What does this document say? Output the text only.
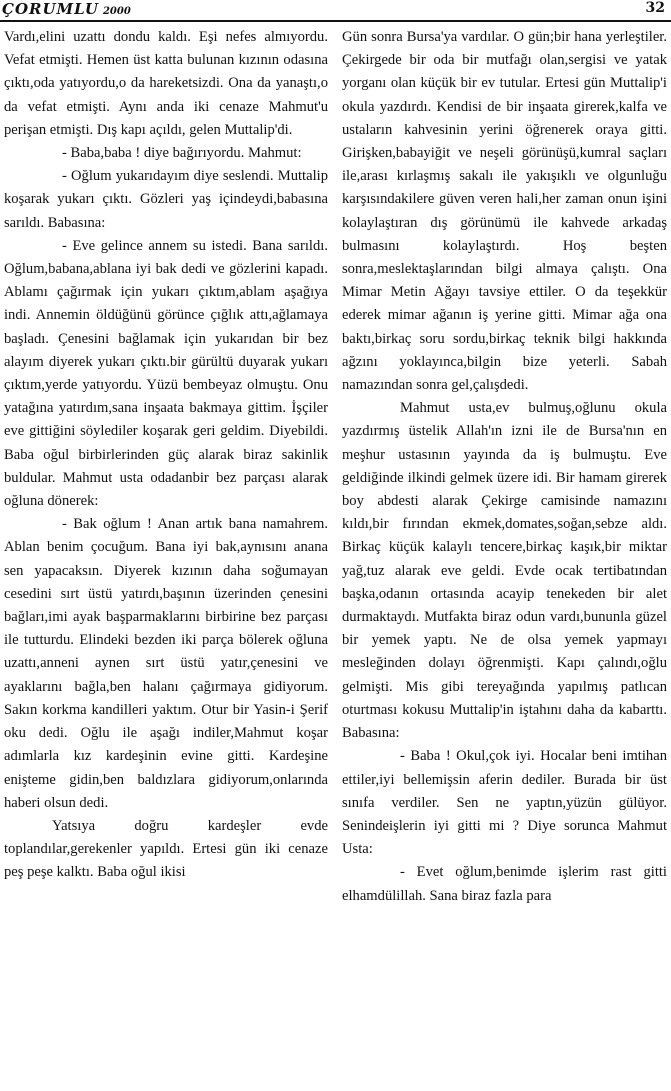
ÇORUMLU 2000	32

Vardı,elini uzattı dondu kaldı. Eşi nefes almıyordu. Vefat etmişti. Hemen üst katta bulunan kızının odasına çıktı,oda yatıyordu,o da hareketsizdi. Ona da yanaştı,o da vefat etmişti. Aynı anda iki cenaze Mahmut'u perişan etmişti. Dış kapı açıldı, gelen Muttalip'di.

- Baba,baba ! diye bağırıyordu. Mahmut:

- Oğlum yukarıdayım diye seslendi. Muttalip koşarak yukarı çıktı. Gözleri yaş içindeydi,babasına sarıldı. Babasına:

- Eve gelince annem su istedi. Bana sarıldı. Oğlum,babana,ablana iyi bak dedi ve gözlerini kapadı. Ablamı çağırmak için yukarı çıktım,ablam aşağıya indi. Annemin öldüğünü görünce çığlık attı,ağlamaya başladı. Çenesini bağlamak için yukarıdan bir bez alayım diyerek yukarı çıktı.bir gürültü duyarak yukarı çıktım,yerde yatıyordu. Yüzü bembeyaz olmuştu. Onu yatağına yatırdım,sana inşaata bakmaya gittim. İşçiler eve gittiğini söylediler koşarak geri geldim. Diyebildi. Baba oğul birbirlerinden güç alarak biraz sakinlik buldular. Mahmut usta odadanbir bez parçası alarak oğluna dönerek:

- Bak oğlum ! Anan artık bana namahrem. Ablan benim çocuğum. Bana iyi bak,aynısını anana sen yapacaksın. Diyerek kızının daha soğumayan cesedini sırt üstü yatırdı,başının üzerinden çenesini bağları,imi ayak başparmaklarını birbirine bez parçası ile tutturdu. Elindeki bezden iki parça bölerek oğluna uzattı,anneni aynen sırt üstü yatır,çenesini ve ayaklarını bağla,ben halanı çağırmaya gidiyorum. Sakın korkma kandilleri yaktım. Otur bir Yasin-i Şerif oku dedi. Oğlu ile aşağı indiler,Mahmut koşar adımlarla kız kardeşinin evine gitti. Kardeşine enişteme gidin,ben baldızlara gidiyorum,onlarında haberi olsun dedi.

Yatsıya doğru kardeşler evde toplandılar,gerekenler yapıldı. Ertesi gün iki cenaze peş peşe kalktı. Baba oğul ikisi

Gün sonra Bursa'ya vardılar. O gün;bir hana yerleştiler. Çekirgede bir oda bir mutfağı olan,sergisi ve yatak yorganı olan küçük bir ev tutular. Ertesi gün Muttalip'i okula yazdırdı. Kendisi de bir inşaata girerek,kalfa ve ustaların kahvesinin yerini öğrenerek oraya gitti. Girişken,babayiğit ve neşeli görünüşü,kumral saçları ile,arası kırlaşmış sakalı ile yakışıklı ve olgunluğu karşısındakilere güven veren hali,her zaman onun işini kolaylaştıran dış görünümü ile kahvede arkadaş bulmasını kolaylaştırdı. Hoş beşten sonra,meslektaşlarından bilgi almaya çalıştı. Ona Mimar Metin Ağayı tavsiye ettiler. O da teşekkür ederek mimar ağanın iş yerine gitti. Mimar ağa ona baktı,birkaç soru sordu,birkaç teknik bilgi hakkında ağzını yoklayınca,bilgin bize yeterli. Sabah namazından sonra gel,çalışdedi.

Mahmut usta,ev bulmuş,oğlunu okula yazdırmış üstelik Allah'ın izni ile de Bursa'nın en meşhur ustasının yayında da iş bulmuştu. Eve geldiğinde ilkindi gelmek üzere idi. Bir hamam girerek boy abdesti alarak Çekirge camisinde namazını kıldı,bir fırından ekmek,domates,soğan,sebze aldı. Birkaç küçük kalaylı tencere,birkaç kaşık,bir miktar yağ,tuz alarak eve geldi. Evde ocak tertibatından başka,odanın ortasında acayip tenekeden bir alet durmaktaydı. Mutfakta biraz odun vardı,bununla güzel bir yemek yaptı. Ne de olsa yemek yapmayı mesleğinden dolayı öğrenmişti. Kapı çalındı,oğlu gelmişti. Mis gibi tereyağında yapılmış patlıcan oturtması kokusu Muttalip'in iştahını daha da kabarttı. Babasına:

- Baba ! Okul,çok iyi. Hocalar beni imtihan ettiler,iyi bellemişsin aferin dediler. Burada bir üst sınıfa verdiler. Sen ne yaptın,yüzün gülüyor. Senindeişlerin iyi gitti mi ? Diye sorunca Mahmut Usta:

- Evet oğlum,benimde işlerim rast gitti elhamdülillah. Sana biraz fazla para
